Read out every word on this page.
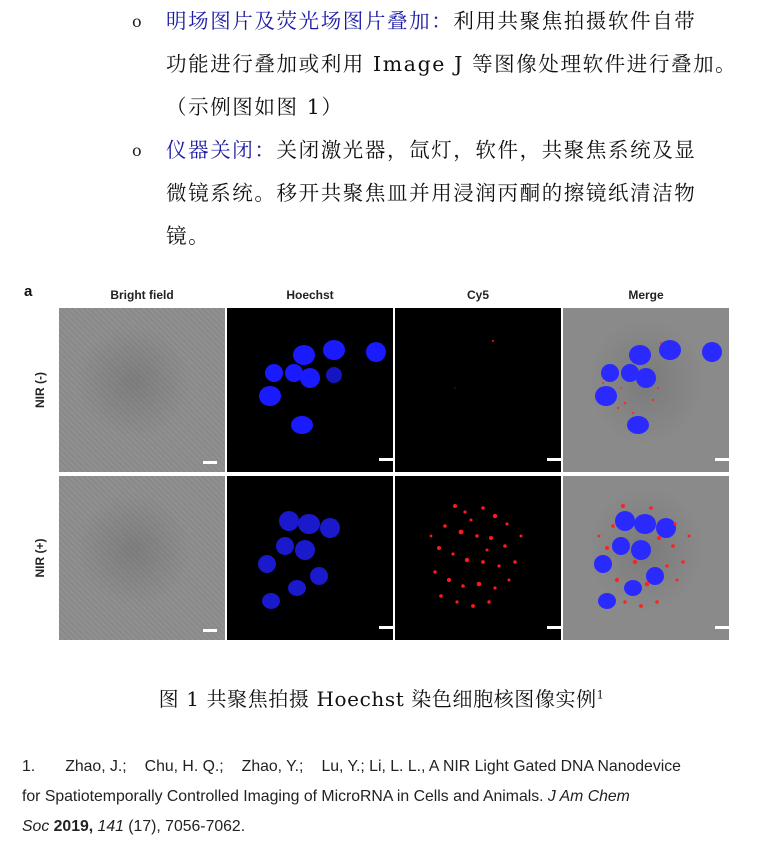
o 明场图片及荧光场图片叠加：利用共聚焦拍摄软件自带
功能进行叠加或利用 Image J 等图像处理软件进行叠加。
（示例图如图 1）
o 仪器关闭：关闭激光器，氙灯，软件，共聚焦系统及显
微镜系统。移开共聚焦皿并用浸润丙酮的擦镜纸清洁物
镜。
a	Bright field	Hoechst	Cy5	Merge
NIR (-)
NIR (+)
图 1 共聚焦拍摄 Hoechst 染色细胞核图像实例$^1$
1. Zhao, J.; Chu, H. Q.; Zhao, Y.; Lu, Y.; Li, L. L., A NIR Light Gated DNA Nanodevice
for Spatiotemporally Controlled Imaging of MicroRNA in Cells and Animals. J Am Chem
Soc 2019, 141 (17), 7056-7062.
